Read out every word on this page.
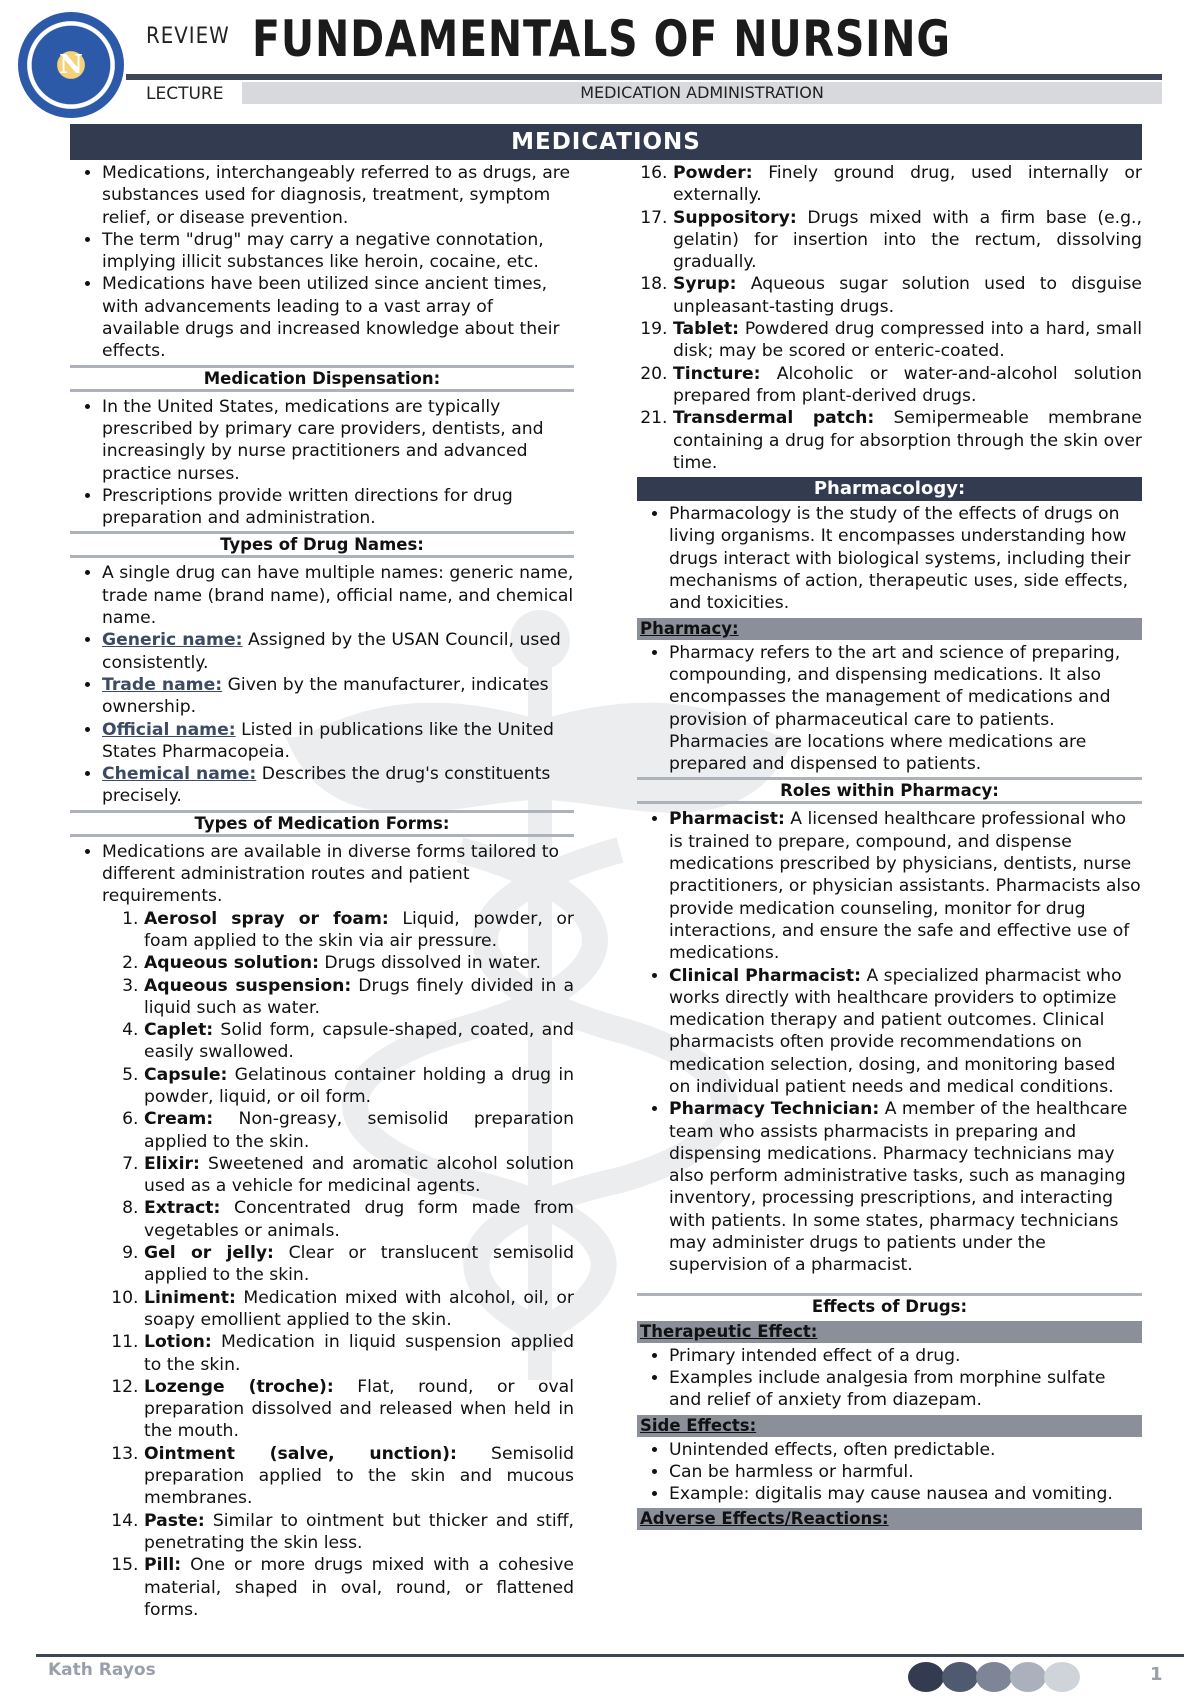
N
REVIEW FUNDAMENTALS OF NURSING
LECTURE	MEDICATION ADMINISTRATION
MEDICATIONS
• Medications, interchangeably referred to as drugs, are substances used for diagnosis, treatment, symptom relief, or disease prevention.
• The term "drug" may carry a negative connotation, implying illicit substances like heroin, cocaine, etc.
• Medications have been utilized since ancient times, with advancements leading to a vast array of available drugs and increased knowledge about their effects.
Medication Dispensation:
• In the United States, medications are typically prescribed by primary care providers, dentists, and increasingly by nurse practitioners and advanced practice nurses.
• Prescriptions provide written directions for drug preparation and administration.
Types of Drug Names:
• A single drug can have multiple names: generic name, trade name (brand name), official name, and chemical name.
• Generic name: Assigned by the USAN Council, used consistently.
• Trade name: Given by the manufacturer, indicates ownership.
• Official name: Listed in publications like the United States Pharmacopeia.
• Chemical name: Describes the drug's constituents precisely.
Types of Medication Forms:
• Medications are available in diverse forms tailored to different administration routes and patient requirements.
1. Aerosol spray or foam: Liquid, powder, or foam applied to the skin via air pressure.
2. Aqueous solution: Drugs dissolved in water.
3. Aqueous suspension: Drugs finely divided in a liquid such as water.
4. Caplet: Solid form, capsule-shaped, coated, and easily swallowed.
5. Capsule: Gelatinous container holding a drug in powder, liquid, or oil form.
6. Cream: Non-greasy, semisolid preparation applied to the skin.
7. Elixir: Sweetened and aromatic alcohol solution used as a vehicle for medicinal agents.
8. Extract: Concentrated drug form made from vegetables or animals.
9. Gel or jelly: Clear or translucent semisolid applied to the skin.
10. Liniment: Medication mixed with alcohol, oil, or soapy emollient applied to the skin.
11. Lotion: Medication in liquid suspension applied to the skin.
12. Lozenge (troche): Flat, round, or oval preparation dissolved and released when held in the mouth.
13. Ointment (salve, unction): Semisolid preparation applied to the skin and mucous membranes.
14. Paste: Similar to ointment but thicker and stiff, penetrating the skin less.
15. Pill: One or more drugs mixed with a cohesive material, shaped in oval, round, or flattened forms.
16. Powder: Finely ground drug, used internally or externally.
17. Suppository: Drugs mixed with a firm base (e.g., gelatin) for insertion into the rectum, dissolving gradually.
18. Syrup: Aqueous sugar solution used to disguise unpleasant-tasting drugs.
19. Tablet: Powdered drug compressed into a hard, small disk; may be scored or enteric-coated.
20. Tincture: Alcoholic or water-and-alcohol solution prepared from plant-derived drugs.
21. Transdermal patch: Semipermeable membrane containing a drug for absorption through the skin over time.
Pharmacology:
• Pharmacology is the study of the effects of drugs on living organisms. It encompasses understanding how drugs interact with biological systems, including their mechanisms of action, therapeutic uses, side effects, and toxicities.
Pharmacy:
• Pharmacy refers to the art and science of preparing, compounding, and dispensing medications. It also encompasses the management of medications and provision of pharmaceutical care to patients. Pharmacies are locations where medications are prepared and dispensed to patients.
Roles within Pharmacy:
• Pharmacist: A licensed healthcare professional who is trained to prepare, compound, and dispense medications prescribed by physicians, dentists, nurse practitioners, or physician assistants. Pharmacists also provide medication counseling, monitor for drug interactions, and ensure the safe and effective use of medications.
• Clinical Pharmacist: A specialized pharmacist who works directly with healthcare providers to optimize medication therapy and patient outcomes. Clinical pharmacists often provide recommendations on medication selection, dosing, and monitoring based on individual patient needs and medical conditions.
• Pharmacy Technician: A member of the healthcare team who assists pharmacists in preparing and dispensing medications. Pharmacy technicians may also perform administrative tasks, such as managing inventory, processing prescriptions, and interacting with patients. In some states, pharmacy technicians may administer drugs to patients under the supervision of a pharmacist.
Effects of Drugs:
Therapeutic Effect:
• Primary intended effect of a drug.
• Examples include analgesia from morphine sulfate and relief of anxiety from diazepam.
Side Effects:
• Unintended effects, often predictable.
• Can be harmless or harmful.
• Example: digitalis may cause nausea and vomiting.
Adverse Effects/Reactions:
Kath Rayos	1
